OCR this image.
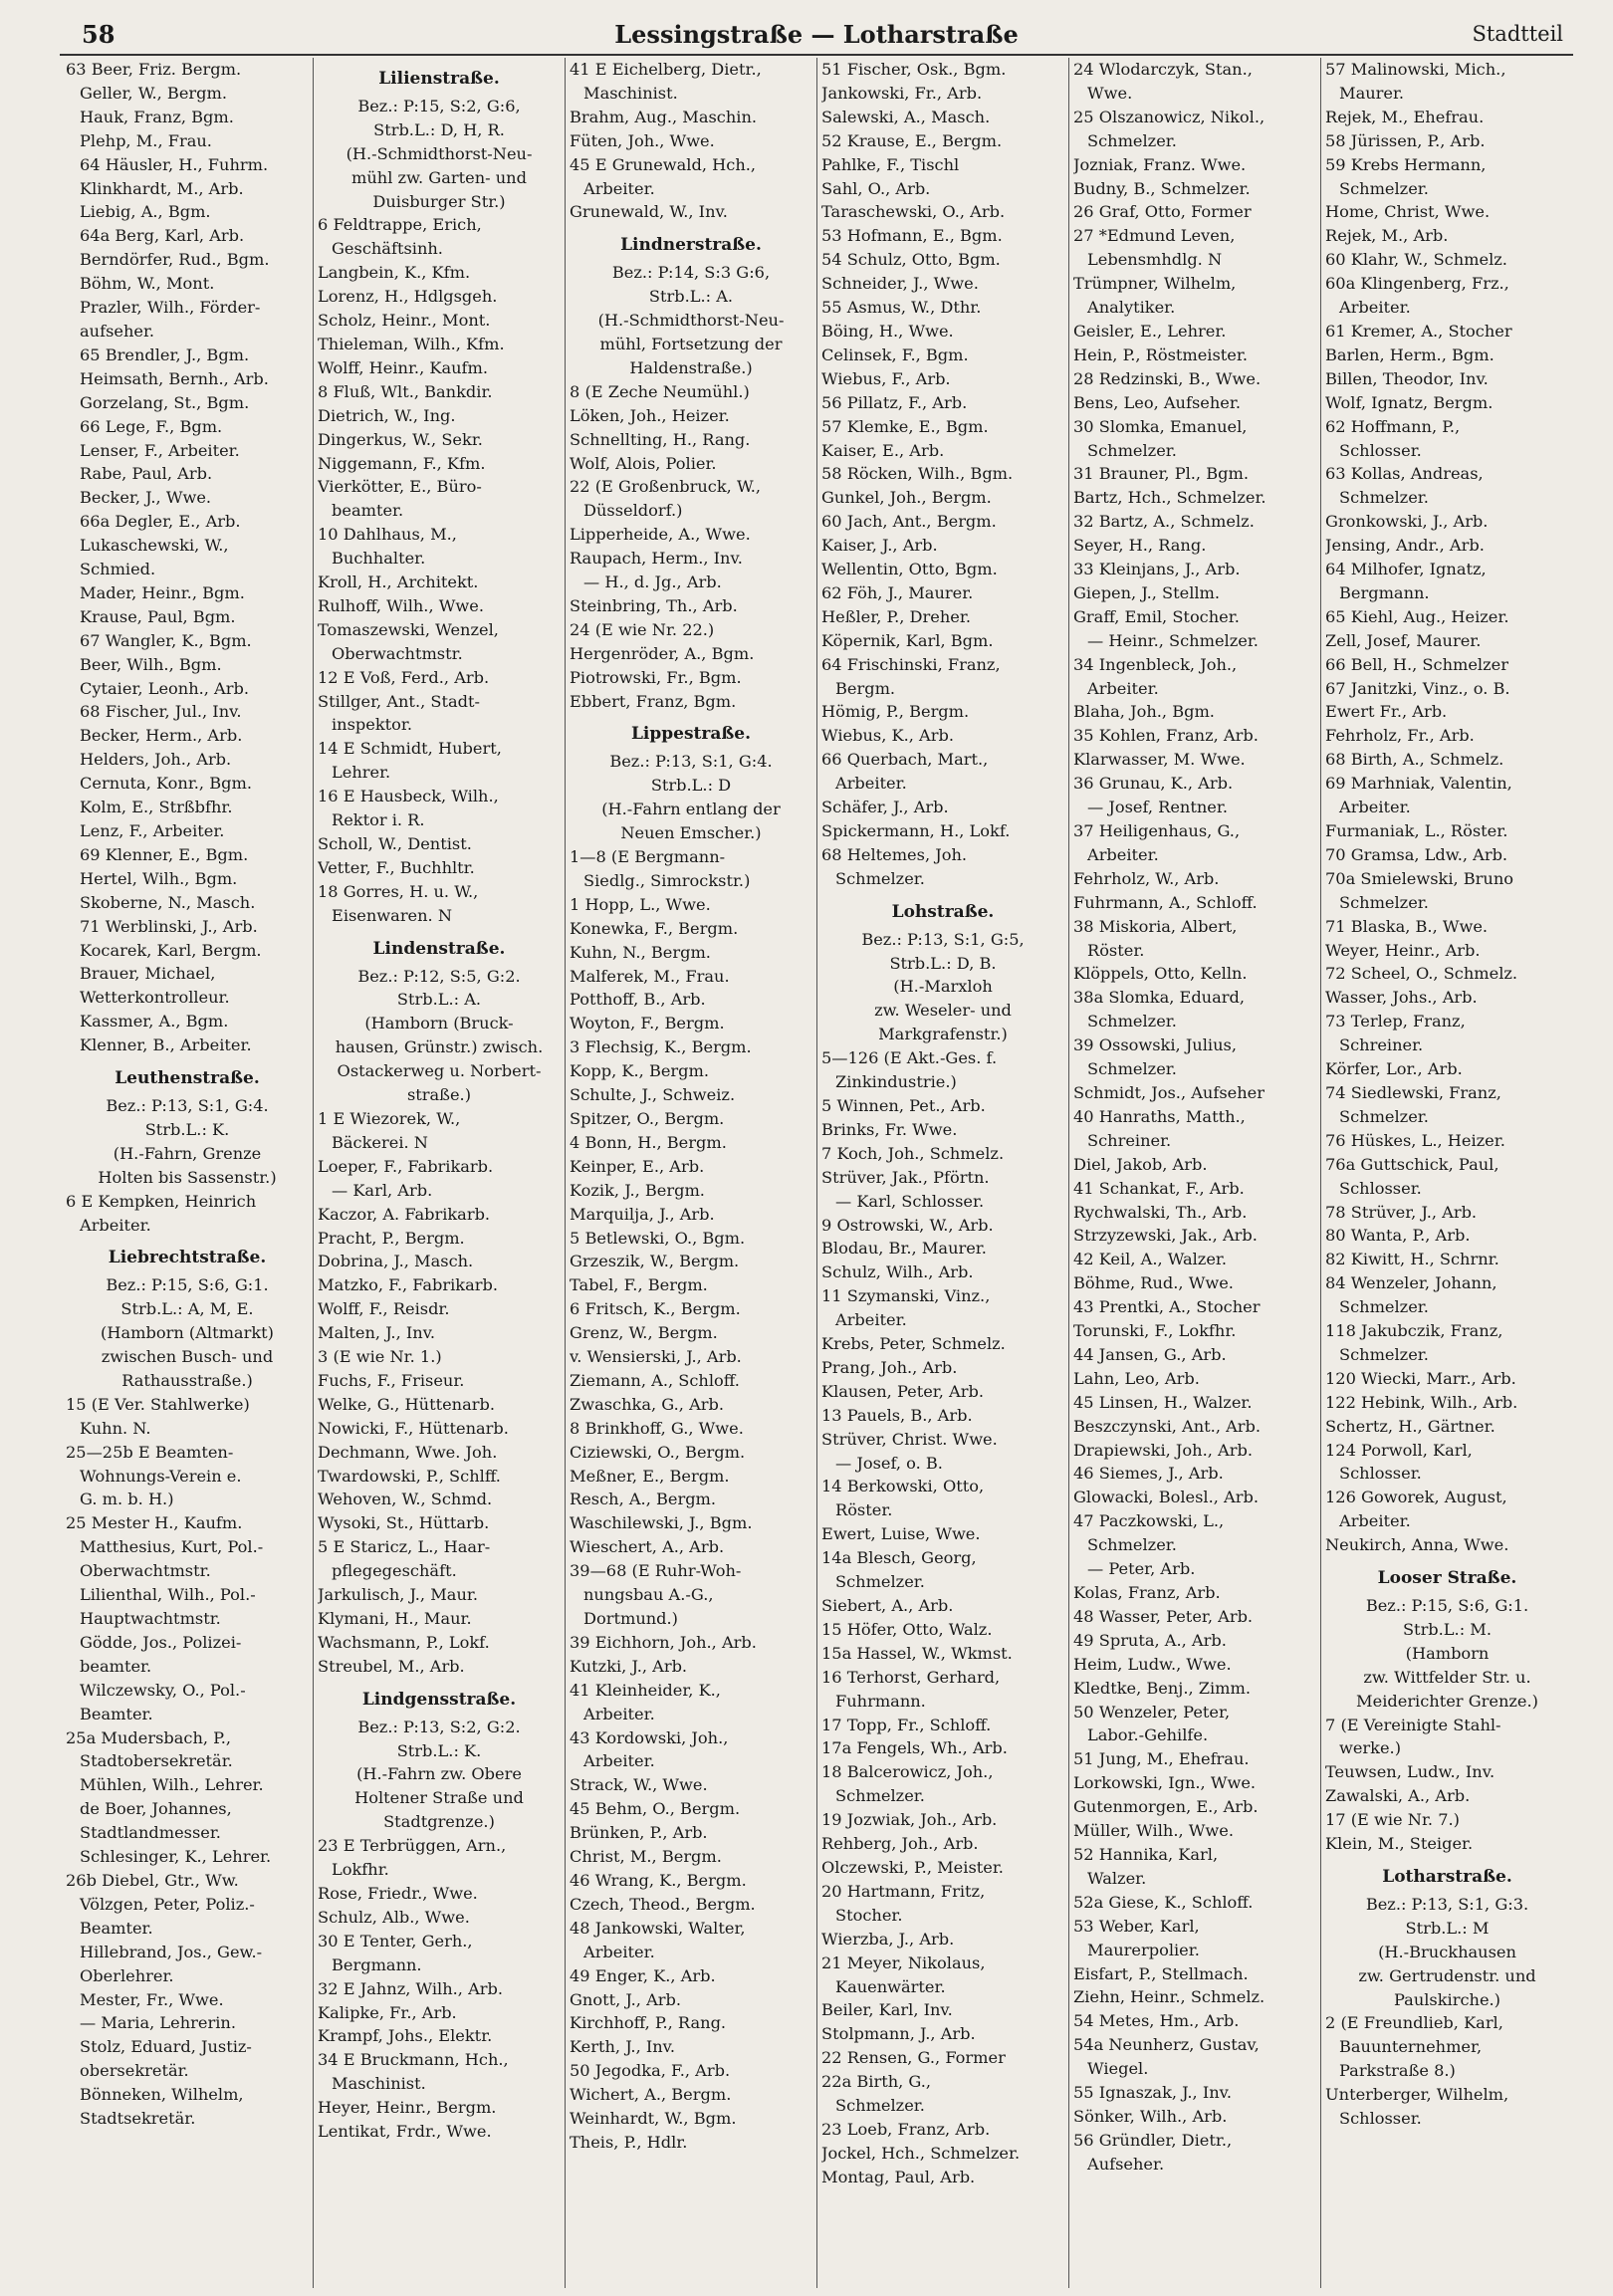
58	Lessingstraße — Lotharstraße	Stadtteil
63 Beer, Friz. Bergm.
Geller, W., Bergm.
Hauk, Franz, Bgm.
Plehp, M., Frau.
64 Häusler, H., Fuhrm.
Klinkhardt, M., Arb.
Liebig, A., Bgm.
64a Berg, Karl, Arb.
Berndörfer, Rud., Bgm.
Böhm, W., Mont.
Prazler, Wilh., Förder-
aufseher.
65 Brendler, J., Bgm.
Heimsath, Bernh., Arb.
Gorzelang, St., Bgm.
66 Lege, F., Bgm.
Lenser, F., Arbeiter.
Rabe, Paul, Arb.
Becker, J., Wwe.
66a Degler, E., Arb.
Lukaschewski, W.,
Schmied.
Mader, Heinr., Bgm.
Krause, Paul, Bgm.
67 Wangler, K., Bgm.
Beer, Wilh., Bgm.
Cytaier, Leonh., Arb.
68 Fischer, Jul., Inv.
Becker, Herm., Arb.
Helders, Joh., Arb.
Cernuta, Konr., Bgm.
Kolm, E., Strßbfhr.
Lenz, F., Arbeiter.
69 Klenner, E., Bgm.
Hertel, Wilh., Bgm.
Skoberne, N., Masch.
71 Werblinski, J., Arb.
Kocarek, Karl, Bergm.
Brauer, Michael,
Wetterkontrolleur.
Kassmer, A., Bgm.
Klenner, B., Arbeiter.
Leuthenstraße.
Bez.: P:13, S:1, G:4.
Strb.L.: K.
(H.-Fahrn, Grenze
Holten bis Sassenstr.)
6 E Kempken, Heinrich
Arbeiter.
Liebrechtstraße.
Bez.: P:15, S:6, G:1.
Strb.L.: A, M, E.
(Hamborn (Altmarkt)
zwischen Busch- und
Rathausstraße.)
15 (E Ver. Stahlwerke)
Kuhn. N.
25—25b E Beamten-
Wohnungs-Verein e.
G. m. b. H.)
25 Mester H., Kaufm.
Matthesius, Kurt, Pol.-
Oberwachtmstr.
Lilienthal, Wilh., Pol.-
Hauptwachtmstr.
Gödde, Jos., Polizei-
beamter.
Wilczewsky, O., Pol.-
Beamter.
25a Mudersbach, P.,
Stadtobersekretär.
Mühlen, Wilh., Lehrer.
de Boer, Johannes,
Stadtlandmesser.
Schlesinger, K., Lehrer.
26b Diebel, Gtr., Ww.
Völzgen, Peter, Poliz.-
Beamter.
Hillebrand, Jos., Gew.-
Oberlehrer.
Mester, Fr., Wwe.
— Maria, Lehrerin.
Stolz, Eduard, Justiz-
obersekretär.
Bönneken, Wilhelm,
Stadtsekretär.
Lilienstraße.
Bez.: P:15, S:2, G:6,
Strb.L.: D, H, R.
(H.-Schmidthorst-Neu-
mühl zw. Garten- und
Duisburger Str.)
6 Feldtrappe, Erich,
Geschäftsinh.
Langbein, K., Kfm.
Lorenz, H., Hdlgsgeh.
Scholz, Heinr., Mont.
Thieleman, Wilh., Kfm.
Wolff, Heinr., Kaufm.
8 Fluß, Wlt., Bankdir.
Dietrich, W., Ing.
Dingerkus, W., Sekr.
Niggemann, F., Kfm.
Vierkötter, E., Büro-
beamter.
10 Dahlhaus, M.,
Buchhalter.
Kroll, H., Architekt.
Rulhoff, Wilh., Wwe.
Tomaszewski, Wenzel,
Oberwachtmstr.
12 E Voß, Ferd., Arb.
Stillger, Ant., Stadt-
inspektor.
14 E Schmidt, Hubert,
Lehrer.
16 E Hausbeck, Wilh.,
Rektor i. R.
Scholl, W., Dentist.
Vetter, F., Buchhltr.
18 Gorres, H. u. W.,
Eisenwaren. N
Lindenstraße.
Bez.: P:12, S:5, G:2.
Strb.L.: A.
(Hamborn (Bruck-
hausen, Grünstr.) zwisch.
Ostackerweg u. Norbert-
straße.)
1 E Wiezorek, W.,
Bäckerei. N
Loeper, F., Fabrikarb.
— Karl, Arb.
Kaczor, A. Fabrikarb.
Pracht, P., Bergm.
Dobrina, J., Masch.
Matzko, F., Fabrikarb.
Wolff, F., Reisdr.
Malten, J., Inv.
3 (E wie Nr. 1.)
Fuchs, F., Friseur.
Welke, G., Hüttenarb.
Nowicki, F., Hüttenarb.
Dechmann, Wwe. Joh.
Twardowski, P., Schlff.
Wehoven, W., Schmd.
Wysoki, St., Hüttarb.
5 E Staricz, L., Haar-
pflegegeschäft.
Jarkulisch, J., Maur.
Klymani, H., Maur.
Wachsmann, P., Lokf.
Streubel, M., Arb.
Lindgensstraße.
Bez.: P:13, S:2, G:2.
Strb.L.: K.
(H.-Fahrn zw. Obere
Holtener Straße und
Stadtgrenze.)
23 E Terbrüggen, Arn.,
Lokfhr.
Rose, Friedr., Wwe.
Schulz, Alb., Wwe.
30 E Tenter, Gerh.,
Bergmann.
32 E Jahnz, Wilh., Arb.
Kalipke, Fr., Arb.
Krampf, Johs., Elektr.
34 E Bruckmann, Hch.,
Maschinist.
Heyer, Heinr., Bergm.
Lentikat, Frdr., Wwe.
41 E Eichelberg, Dietr.,
Maschinist.
Brahm, Aug., Maschin.
Füten, Joh., Wwe.
45 E Grunewald, Hch.,
Arbeiter.
Grunewald, W., Inv.
Lindnerstraße.
Bez.: P:14, S:3 G:6,
Strb.L.: A.
(H.-Schmidthorst-Neu-
mühl, Fortsetzung der
Haldenstraße.)
8 (E Zeche Neumühl.)
Löken, Joh., Heizer.
Schnellting, H., Rang.
Wolf, Alois, Polier.
22 (E Großenbruck, W.,
Düsseldorf.)
Lipperheide, A., Wwe.
Raupach, Herm., Inv.
— H., d. Jg., Arb.
Steinbring, Th., Arb.
24 (E wie Nr. 22.)
Hergenröder, A., Bgm.
Piotrowski, Fr., Bgm.
Ebbert, Franz, Bgm.
Lippestraße.
Bez.: P:13, S:1, G:4.
Strb.L.: D
(H.-Fahrn entlang der
Neuen Emscher.)
1—8 (E Bergmann-
Siedlg., Simrockstr.)
1 Hopp, L., Wwe.
Konewka, F., Bergm.
Kuhn, N., Bergm.
Malferek, M., Frau.
Potthoff, B., Arb.
Woyton, F., Bergm.
3 Flechsig, K., Bergm.
Kopp, K., Bergm.
Schulte, J., Schweiz.
Spitzer, O., Bergm.
4 Bonn, H., Bergm.
Keinper, E., Arb.
Kozik, J., Bergm.
Marquilja, J., Arb.
5 Betlewski, O., Bgm.
Grzeszik, W., Bergm.
Tabel, F., Bergm.
6 Fritsch, K., Bergm.
Grenz, W., Bergm.
v. Wensierski, J., Arb.
Ziemann, A., Schloff.
Zwaschka, G., Arb.
8 Brinkhoff, G., Wwe.
Ciziewski, O., Bergm.
Meßner, E., Bergm.
Resch, A., Bergm.
Waschilewski, J., Bgm.
Wieschert, A., Arb.
39—68 (E Ruhr-Woh-
nungsbau A.-G.,
Dortmund.)
39 Eichhorn, Joh., Arb.
Kutzki, J., Arb.
41 Kleinheider, K.,
Arbeiter.
43 Kordowski, Joh.,
Arbeiter.
Strack, W., Wwe.
45 Behm, O., Bergm.
Brünken, P., Arb.
Christ, M., Bergm.
46 Wrang, K., Bergm.
Czech, Theod., Bergm.
48 Jankowski, Walter,
Arbeiter.
49 Enger, K., Arb.
Gnott, J., Arb.
Kirchhoff, P., Rang.
Kerth, J., Inv.
50 Jegodka, F., Arb.
Wichert, A., Bergm.
Weinhardt, W., Bgm.
Theis, P., Hdlr.
51 Fischer, Osk., Bgm.
Jankowski, Fr., Arb.
Salewski, A., Masch.
52 Krause, E., Bergm.
Pahlke, F., Tischl
Sahl, O., Arb.
Taraschewski, O., Arb.
53 Hofmann, E., Bgm.
54 Schulz, Otto, Bgm.
Schneider, J., Wwe.
55 Asmus, W., Dthr.
Böing, H., Wwe.
Celinsek, F., Bgm.
Wiebus, F., Arb.
56 Pillatz, F., Arb.
57 Klemke, E., Bgm.
Kaiser, E., Arb.
58 Röcken, Wilh., Bgm.
Gunkel, Joh., Bergm.
60 Jach, Ant., Bergm.
Kaiser, J., Arb.
Wellentin, Otto, Bgm.
62 Föh, J., Maurer.
Heßler, P., Dreher.
Köpernik, Karl, Bgm.
64 Frischinski, Franz,
Bergm.
Hömig, P., Bergm.
Wiebus, K., Arb.
66 Querbach, Mart.,
Arbeiter.
Schäfer, J., Arb.
Spickermann, H., Lokf.
68 Heltemes, Joh.
Schmelzer.
Lohstraße.
Bez.: P:13, S:1, G:5,
Strb.L.: D, B.
(H.-Marxloh
zw. Weseler- und
Markgrafenstr.)
5—126 (E Akt.-Ges. f.
Zinkindustrie.)
5 Winnen, Pet., Arb.
Brinks, Fr. Wwe.
7 Koch, Joh., Schmelz.
Strüver, Jak., Pförtn.
— Karl, Schlosser.
9 Ostrowski, W., Arb.
Blodau, Br., Maurer.
Schulz, Wilh., Arb.
11 Szymanski, Vinz.,
Arbeiter.
Krebs, Peter, Schmelz.
Prang, Joh., Arb.
Klausen, Peter, Arb.
13 Pauels, B., Arb.
Strüver, Christ. Wwe.
— Josef, o. B.
14 Berkowski, Otto,
Röster.
Ewert, Luise, Wwe.
14a Blesch, Georg,
Schmelzer.
Siebert, A., Arb.
15 Höfer, Otto, Walz.
15a Hassel, W., Wkmst.
16 Terhorst, Gerhard,
Fuhrmann.
17 Topp, Fr., Schloff.
17a Fengels, Wh., Arb.
18 Balcerowicz, Joh.,
Schmelzer.
19 Jozwiak, Joh., Arb.
Rehberg, Joh., Arb.
Olczewski, P., Meister.
20 Hartmann, Fritz,
Stocher.
Wierzba, J., Arb.
21 Meyer, Nikolaus,
Kauenwärter.
Beiler, Karl, Inv.
Stolpmann, J., Arb.
22 Rensen, G., Former
22a Birth, G.,
Schmelzer.
23 Loeb, Franz, Arb.
Jockel, Hch., Schmelzer.
Montag, Paul, Arb.
24 Wlodarczyk, Stan.,
Wwe.
25 Olszanowicz, Nikol.,
Schmelzer.
Jozniak, Franz. Wwe.
Budny, B., Schmelzer.
26 Graf, Otto, Former
27 *Edmund Leven,
Lebensmhdlg. N
Trümpner, Wilhelm,
Analytiker.
Geisler, E., Lehrer.
Hein, P., Röstmeister.
28 Redzinski, B., Wwe.
Bens, Leo, Aufseher.
30 Slomka, Emanuel,
Schmelzer.
31 Brauner, Pl., Bgm.
Bartz, Hch., Schmelzer.
32 Bartz, A., Schmelz.
Seyer, H., Rang.
33 Kleinjans, J., Arb.
Giepen, J., Stellm.
Graff, Emil, Stocher.
— Heinr., Schmelzer.
34 Ingenbleck, Joh.,
Arbeiter.
Blaha, Joh., Bgm.
35 Kohlen, Franz, Arb.
Klarwasser, M. Wwe.
36 Grunau, K., Arb.
— Josef, Rentner.
37 Heiligenhaus, G.,
Arbeiter.
Fehrholz, W., Arb.
Fuhrmann, A., Schloff.
38 Miskoria, Albert,
Röster.
Klöppels, Otto, Kelln.
38a Slomka, Eduard,
Schmelzer.
39 Ossowski, Julius,
Schmelzer.
Schmidt, Jos., Aufseher
40 Hanraths, Matth.,
Schreiner.
Diel, Jakob, Arb.
41 Schankat, F., Arb.
Rychwalski, Th., Arb.
Strzyzewski, Jak., Arb.
42 Keil, A., Walzer.
Böhme, Rud., Wwe.
43 Prentki, A., Stocher
Torunski, F., Lokfhr.
44 Jansen, G., Arb.
Lahn, Leo, Arb.
45 Linsen, H., Walzer.
Beszczynski, Ant., Arb.
Drapiewski, Joh., Arb.
46 Siemes, J., Arb.
Glowacki, Bolesl., Arb.
47 Paczkowski, L.,
Schmelzer.
— Peter, Arb.
Kolas, Franz, Arb.
48 Wasser, Peter, Arb.
49 Spruta, A., Arb.
Heim, Ludw., Wwe.
Kledtke, Benj., Zimm.
50 Wenzeler, Peter,
Labor.-Gehilfe.
51 Jung, M., Ehefrau.
Lorkowski, Ign., Wwe.
Gutenmorgen, E., Arb.
Müller, Wilh., Wwe.
52 Hannika, Karl,
Walzer.
52a Giese, K., Schloff.
53 Weber, Karl,
Maurerpolier.
Eisfart, P., Stellmach.
Ziehn, Heinr., Schmelz.
54 Metes, Hm., Arb.
54a Neunherz, Gustav,
Wiegel.
55 Ignaszak, J., Inv.
Sönker, Wilh., Arb.
56 Gründler, Dietr.,
Aufseher.
57 Malinowski, Mich.,
Maurer.
Rejek, M., Ehefrau.
58 Jürissen, P., Arb.
59 Krebs Hermann,
Schmelzer.
Home, Christ, Wwe.
Rejek, M., Arb.
60 Klahr, W., Schmelz.
60a Klingenberg, Frz.,
Arbeiter.
61 Kremer, A., Stocher
Barlen, Herm., Bgm.
Billen, Theodor, Inv.
Wolf, Ignatz, Bergm.
62 Hoffmann, P.,
Schlosser.
63 Kollas, Andreas,
Schmelzer.
Gronkowski, J., Arb.
Jensing, Andr., Arb.
64 Milhofer, Ignatz,
Bergmann.
65 Kiehl, Aug., Heizer.
Zell, Josef, Maurer.
66 Bell, H., Schmelzer
67 Janitzki, Vinz., o. B.
Ewert Fr., Arb.
Fehrholz, Fr., Arb.
68 Birth, A., Schmelz.
69 Marhniak, Valentin,
Arbeiter.
Furmaniak, L., Röster.
70 Gramsa, Ldw., Arb.
70a Smielewski, Bruno
Schmelzer.
71 Blaska, B., Wwe.
Weyer, Heinr., Arb.
72 Scheel, O., Schmelz.
Wasser, Johs., Arb.
73 Terlep, Franz,
Schreiner.
Körfer, Lor., Arb.
74 Siedlewski, Franz,
Schmelzer.
76 Hüskes, L., Heizer.
76a Guttschick, Paul,
Schlosser.
78 Strüver, J., Arb.
80 Wanta, P., Arb.
82 Kiwitt, H., Schrnr.
84 Wenzeler, Johann,
Schmelzer.
118 Jakubczik, Franz,
Schmelzer.
120 Wiecki, Marr., Arb.
122 Hebink, Wilh., Arb.
Schertz, H., Gärtner.
124 Porwoll, Karl,
Schlosser.
126 Goworek, August,
Arbeiter.
Neukirch, Anna, Wwe.
Looser Straße.
Bez.: P:15, S:6, G:1.
Strb.L.: M.
(Hamborn
zw. Wittfelder Str. u.
Meiderichter Grenze.)
7 (E Vereinigte Stahl-
werke.)
Teuwsen, Ludw., Inv.
Zawalski, A., Arb.
17 (E wie Nr. 7.)
Klein, M., Steiger.
Lotharstraße.
Bez.: P:13, S:1, G:3.
Strb.L.: M
(H.-Bruckhausen
zw. Gertrudenstr. und
Paulskirche.)
2 (E Freundlieb, Karl,
Bauunternehmer,
Parkstraße 8.)
Unterberger, Wilhelm,
Schlosser.
